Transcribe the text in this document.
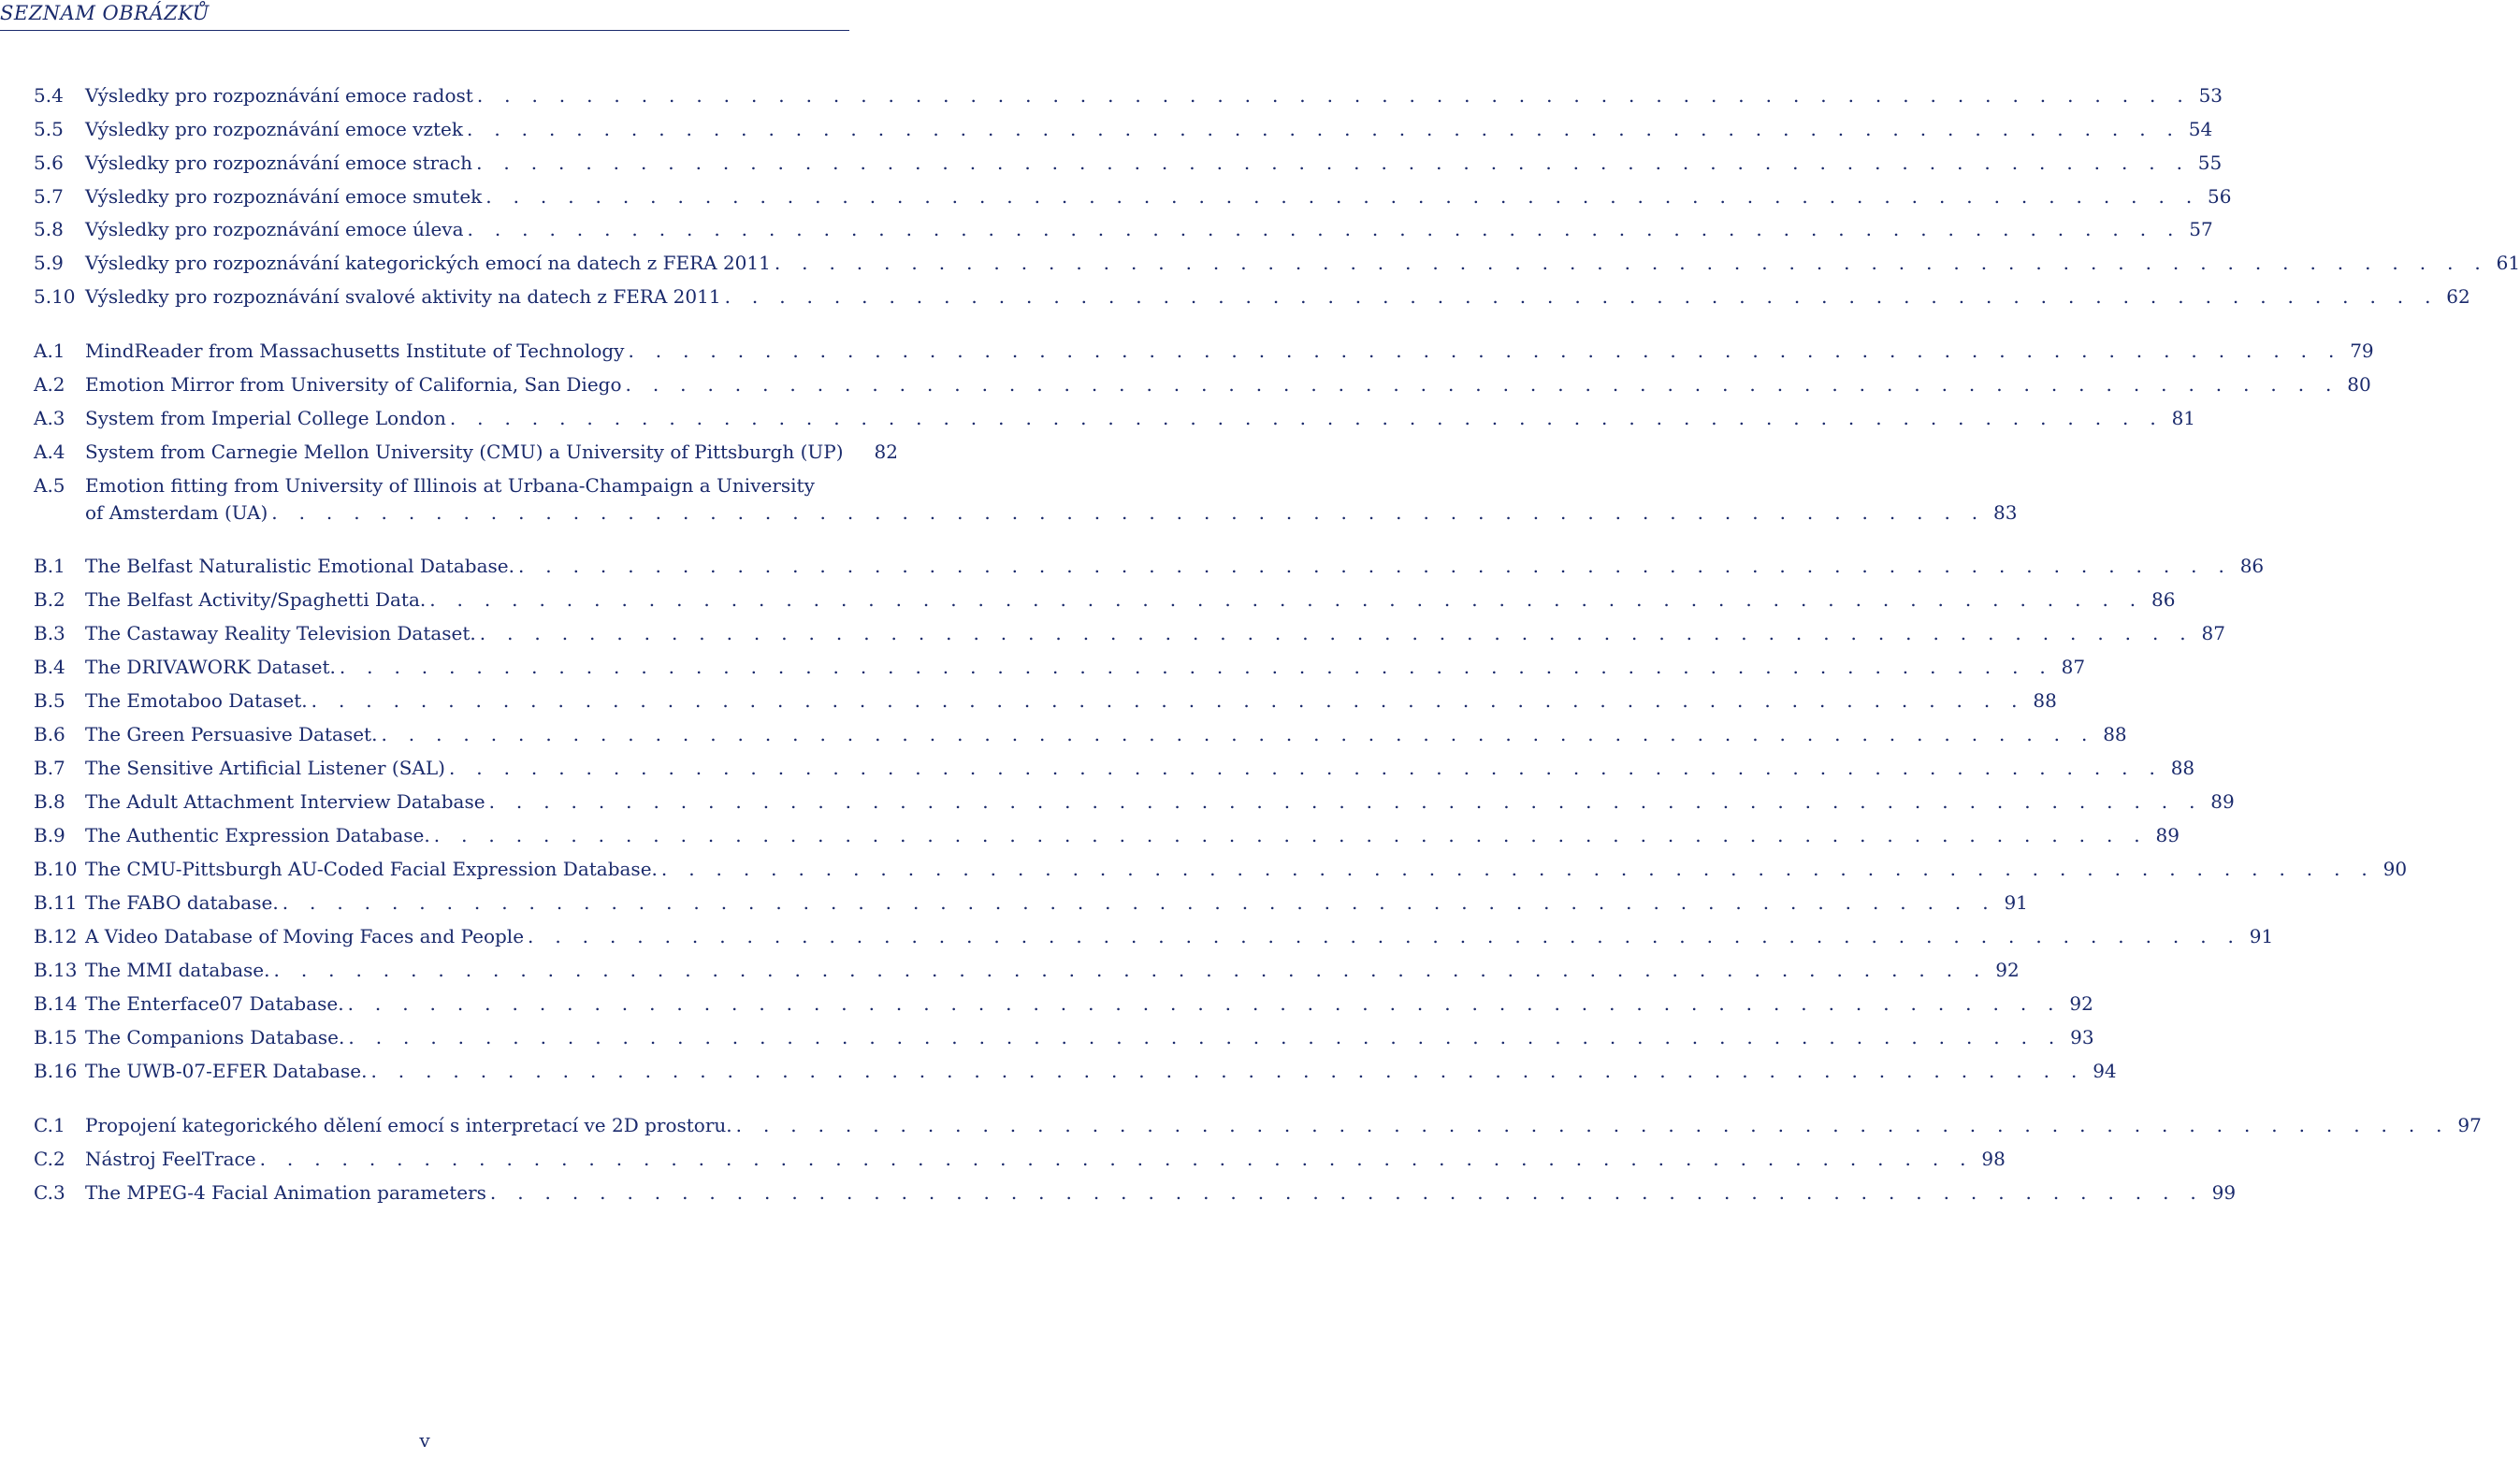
SEZNAM OBRÁZKŮ
5.4 Výsledky pro rozpoznávání emoce radost . . . . . . . . . . . . . . . . . . . . . . . . . . . . . . . . . . . . . . . . . . . . . . . . . . . . . . . . . . . . . . . 53
5.5 Výsledky pro rozpoznávání emoce vztek . . . . . . . . . . . . . . . . . . . . . . . . . . . . . . . . . . . . . . . . . . . . . . . . . . . . . . . . . . . . . . . 54
5.6 Výsledky pro rozpoznávání emoce strach . . . . . . . . . . . . . . . . . . . . . . . . . . . . . . . . . . . . . . . . . . . . . . . . . . . . . . . . . . . . . . . 55
5.7 Výsledky pro rozpoznávání emoce smutek . . . . . . . . . . . . . . . . . . . . . . . . . . . . . . . . . . . . . . . . . . . . . . . . . . . . . . . . . . . . . . . 56
5.8 Výsledky pro rozpoznávání emoce úleva . . . . . . . . . . . . . . . . . . . . . . . . . . . . . . . . . . . . . . . . . . . . . . . . . . . . . . . . . . . . . . . 57
5.9 Výsledky pro rozpoznávání kategorických emocí na datech z FERA 2011 . . . . . . . . . . . . . . . . . . . . . . . . . . . . . . . . . . . . . . . . . . . . . . . . . . . . . . . . . . . . . . . 61
5.10 Výsledky pro rozpoznávání svalové aktivity na datech z FERA 2011 . . . . . . . . . . . . . . . . . . . . . . . . . . . . . . . . . . . . . . . . . . . . . . . . . . . . . . . . . . . . . . . 62
A.1 MindReader from Massachusetts Institute of Technology . . . . . . . . . . . . . . . . . . . . . . . . . . . . . . . . . . . . . . . . . . . . . . . . . . . . . . . . . . . . . . . 79
A.2 Emotion Mirror from University of California, San Diego . . . . . . . . . . . . . . . . . . . . . . . . . . . . . . . . . . . . . . . . . . . . . . . . . . . . . . . . . . . . . . . 80
A.3 System from Imperial College London . . . . . . . . . . . . . . . . . . . . . . . . . . . . . . . . . . . . . . . . . . . . . . . . . . . . . . . . . . . . . . . 81
A.4 System from Carnegie Mellon University (CMU) a University of Pittsburgh (UP) 82
A.5 Emotion fitting from University of Illinois at Urbana-Champaign a University
of Amsterdam (UA) . . . . . . . . . . . . . . . . . . . . . . . . . . . . . . . . . . . . . . . . . . . . . . . . . . . . . . . . . . . . . . . 83
B.1 The Belfast Naturalistic Emotional Database. . . . . . . . . . . . . . . . . . . . . . . . . . . . . . . . . . . . . . . . . . . . . . . . . . . . . . . . . . . . . . . . 86
B.2 The Belfast Activity/Spaghetti Data. . . . . . . . . . . . . . . . . . . . . . . . . . . . . . . . . . . . . . . . . . . . . . . . . . . . . . . . . . . . . . . . 86
B.3 The Castaway Reality Television Dataset. . . . . . . . . . . . . . . . . . . . . . . . . . . . . . . . . . . . . . . . . . . . . . . . . . . . . . . . . . . . . . . . 87
B.4 The DRIVAWORK Dataset. . . . . . . . . . . . . . . . . . . . . . . . . . . . . . . . . . . . . . . . . . . . . . . . . . . . . . . . . . . . . . . . 87
B.5 The Emotaboo Dataset. . . . . . . . . . . . . . . . . . . . . . . . . . . . . . . . . . . . . . . . . . . . . . . . . . . . . . . . . . . . . . . . 88
B.6 The Green Persuasive Dataset. . . . . . . . . . . . . . . . . . . . . . . . . . . . . . . . . . . . . . . . . . . . . . . . . . . . . . . . . . . . . . . . 88
B.7 The Sensitive Artificial Listener (SAL) . . . . . . . . . . . . . . . . . . . . . . . . . . . . . . . . . . . . . . . . . . . . . . . . . . . . . . . . . . . . . . . 88
B.8 The Adult Attachment Interview Database . . . . . . . . . . . . . . . . . . . . . . . . . . . . . . . . . . . . . . . . . . . . . . . . . . . . . . . . . . . . . . . 89
B.9 The Authentic Expression Database. . . . . . . . . . . . . . . . . . . . . . . . . . . . . . . . . . . . . . . . . . . . . . . . . . . . . . . . . . . . . . . . 89
B.10 The CMU-Pittsburgh AU-Coded Facial Expression Database. . . . . . . . . . . . . . . . . . . . . . . . . . . . . . . . . . . . . . . . . . . . . . . . . . . . . . . . . . . . . . . . 90
B.11 The FABO database. . . . . . . . . . . . . . . . . . . . . . . . . . . . . . . . . . . . . . . . . . . . . . . . . . . . . . . . . . . . . . . . 91
B.12 A Video Database of Moving Faces and People . . . . . . . . . . . . . . . . . . . . . . . . . . . . . . . . . . . . . . . . . . . . . . . . . . . . . . . . . . . . . . . 91
B.13 The MMI database. . . . . . . . . . . . . . . . . . . . . . . . . . . . . . . . . . . . . . . . . . . . . . . . . . . . . . . . . . . . . . . . 92
B.14 The Enterface07 Database. . . . . . . . . . . . . . . . . . . . . . . . . . . . . . . . . . . . . . . . . . . . . . . . . . . . . . . . . . . . . . . . 92
B.15 The Companions Database. . . . . . . . . . . . . . . . . . . . . . . . . . . . . . . . . . . . . . . . . . . . . . . . . . . . . . . . . . . . . . . . 93
B.16 The UWB-07-EFER Database. . . . . . . . . . . . . . . . . . . . . . . . . . . . . . . . . . . . . . . . . . . . . . . . . . . . . . . . . . . . . . . . 94
C.1 Propojení kategorického dělení emocí s interpretací ve 2D prostoru. . . . . . . . . . . . . . . . . . . . . . . . . . . . . . . . . . . . . . . . . . . . . . . . . . . . . . . . . . . . . . . . 97
C.2 Nástroj FeelTrace . . . . . . . . . . . . . . . . . . . . . . . . . . . . . . . . . . . . . . . . . . . . . . . . . . . . . . . . . . . . . . . 98
C.3 The MPEG-4 Facial Animation parameters . . . . . . . . . . . . . . . . . . . . . . . . . . . . . . . . . . . . . . . . . . . . . . . . . . . . . . . . . . . . . . . 99
v
